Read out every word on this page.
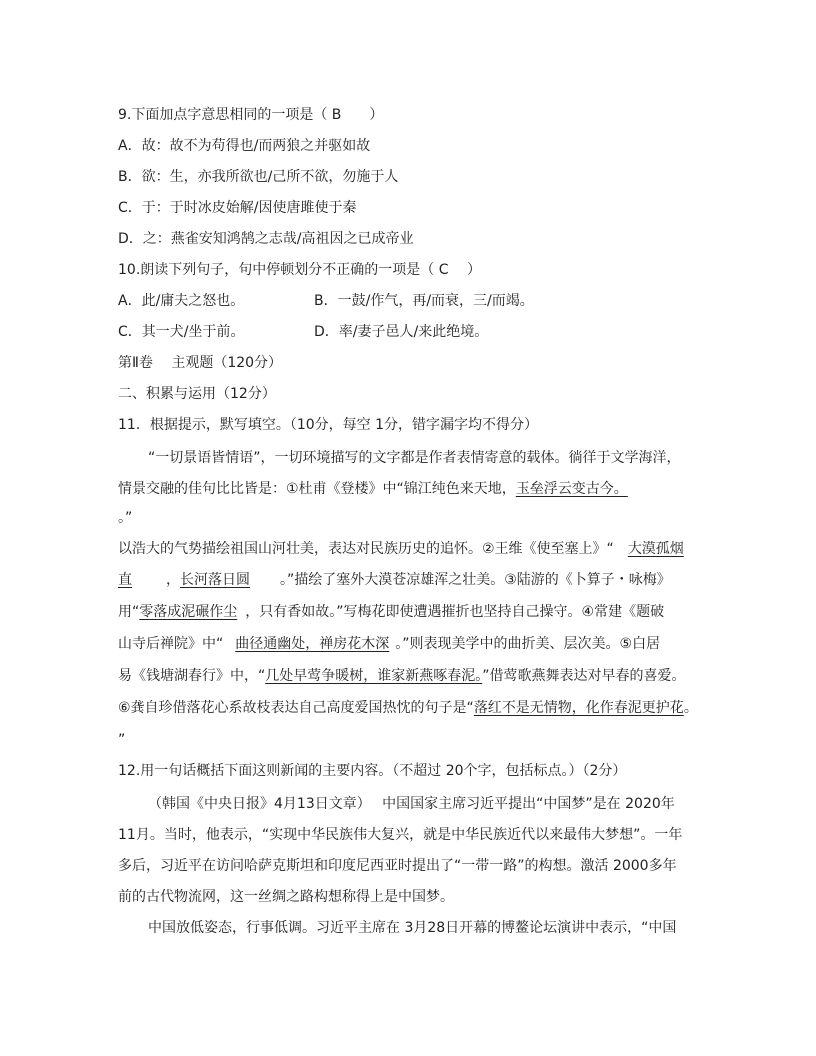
9.下面加点字意思相同的一项是（ B　　）
A．故：故不为苟得也/而两狼之并驱如故
B．欲：生，亦我所欲也/己所不欲，勿施于人
C．于：于时冰皮始解/因使唐雎使于秦
D．之：燕雀安知鸿鹄之志哉/高祖因之已成帝业
10.朗读下列句子，句中停顿划分不正确的一项是（ C　 ）
A．此/庸夫之怒也。	B．一鼓/作气，再/而衰，三/而竭。
C．其一犬/坐于前。	D．率/妻子邑人/来此绝境。
第Ⅱ卷　 主观题（120分）
二、积累与运用（12分）
11．根据提示，默写填空。（10分，每空 1分，错字漏字均不得分）
“一切景语皆情语”，一切环境描写的文字都是作者表情寄意的载体。徜徉于文学海洋，
情景交融的佳句比比皆是：①杜甫《登楼》中“锦江纯色来天地，玉垒浮云变古今。
。”
以浩大的气势描绘祖国山河壮美，表达对民族历史的追怀。②王维《使至塞上》“ 大漠孤烟
直 ，长河落日圆 。”描绘了塞外大漠苍凉雄浑之壮美。③陆游的《卜算子・咏梅》
用“零落成泥碾作尘 ，只有香如故。”写梅花即使遭遇摧折也坚持自己操守。④常建《题破
山寺后禅院》中“ 曲径通幽处，禅房花木深 。”则表现美学中的曲折美、层次美。⑤白居
易《钱塘湖春行》中，“几处早莺争暖树，谁家新燕啄春泥。”借莺歌燕舞表达对早春的喜爱。
⑥龚自珍借落花心系故枝表达自己高度爱国热忱的句子是“落红不是无情物，化作春泥更护花。
”
12.用一句话概括下面这则新闻的主要内容。（不超过 20个字，包括标点。）（2分）
（韩国《中央日报》4月13日文章）　 中国国家主席习近平提出“中国梦”是在 2020年
11月。当时，他表示，“实现中华民族伟大复兴，就是中华民族近代以来最伟大梦想”。一年
多后，习近平在访问哈萨克斯坦和印度尼西亚时提出了“一带一路”的构想。激活 2000多年
前的古代物流网，这一丝绸之路构想称得上是中国梦。
中国放低姿态，行事低调。习近平主席在 3月28日开幕的博鳌论坛演讲中表示，“中国
